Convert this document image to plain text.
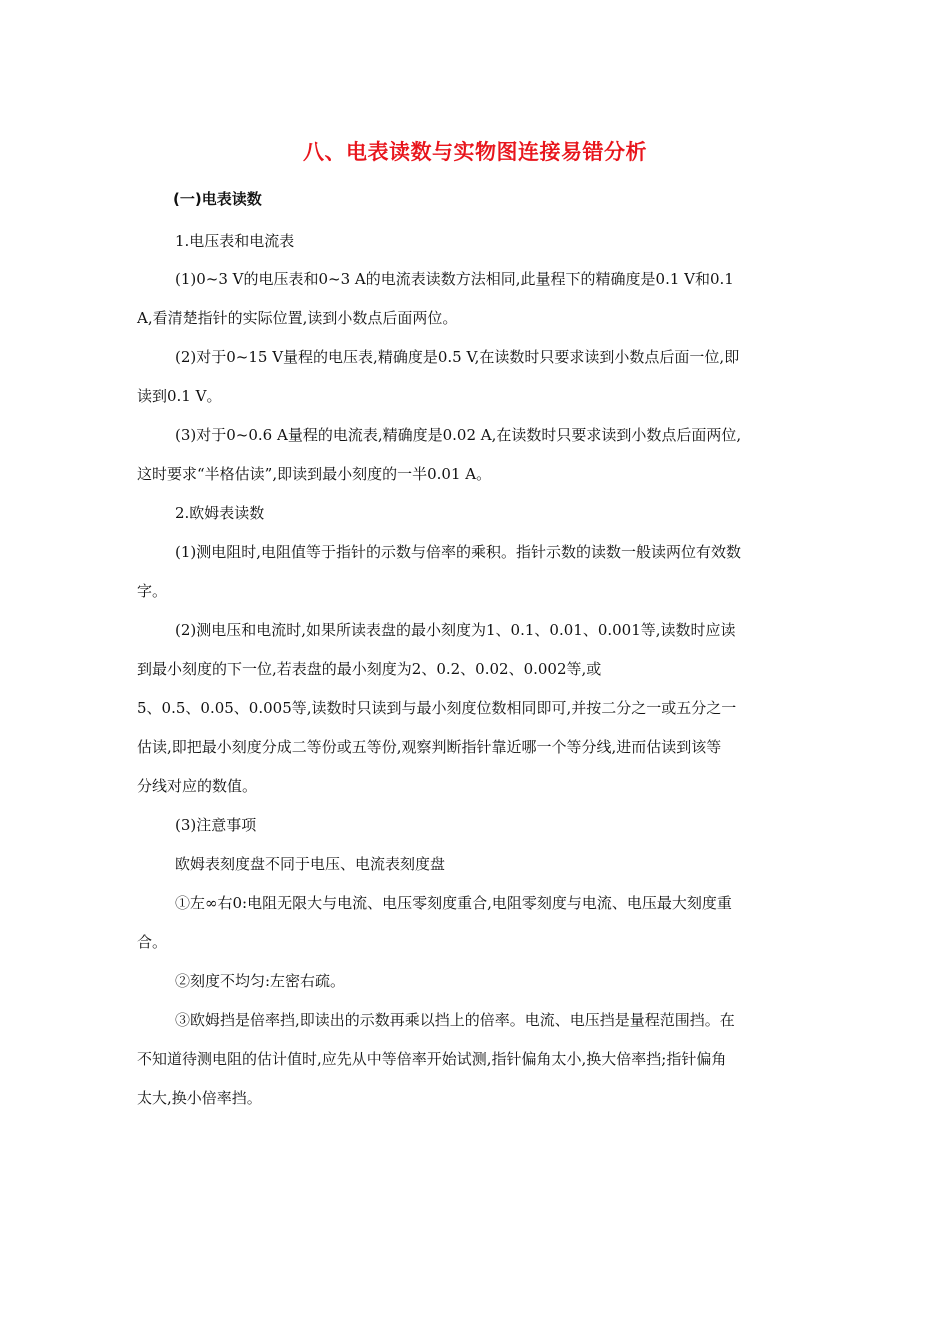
八、电表读数与实物图连接易错分析
(一)电表读数

1.电压表和电流表

(1)0~3 V的电压表和0~3 A的电流表读数方法相同,此量程下的精确度是0.1 V和0.1

A,看清楚指针的实际位置,读到小数点后面两位。

(2)对于0~15 V量程的电压表,精确度是0.5 V,在读数时只要求读到小数点后面一位,即

读到0.1 V。

(3)对于0~0.6 A量程的电流表,精确度是0.02 A,在读数时只要求读到小数点后面两位,

这时要求“半格估读”,即读到最小刻度的一半0.01 A。

2.欧姆表读数

(1)测电阻时,电阻值等于指针的示数与倍率的乘积。指针示数的读数一般读两位有效数

字。

(2)测电压和电流时,如果所读表盘的最小刻度为1、0.1、0.01、0.001等,读数时应读

到最小刻度的下一位,若表盘的最小刻度为2、0.2、0.02、0.002等,或

5、0.5、0.05、0.005等,读数时只读到与最小刻度位数相同即可,并按二分之一或五分之一

估读,即把最小刻度分成二等份或五等份,观察判断指针靠近哪一个等分线,进而估读到该等

分线对应的数值。

(3)注意事项

欧姆表刻度盘不同于电压、电流表刻度盘

①左∞右0:电阻无限大与电流、电压零刻度重合,电阻零刻度与电流、电压最大刻度重

合。

②刻度不均匀:左密右疏。

③欧姆挡是倍率挡,即读出的示数再乘以挡上的倍率。电流、电压挡是量程范围挡。在

不知道待测电阻的估计值时,应先从中等倍率开始试测,指针偏角太小,换大倍率挡;指针偏角

太大,换小倍率挡。
